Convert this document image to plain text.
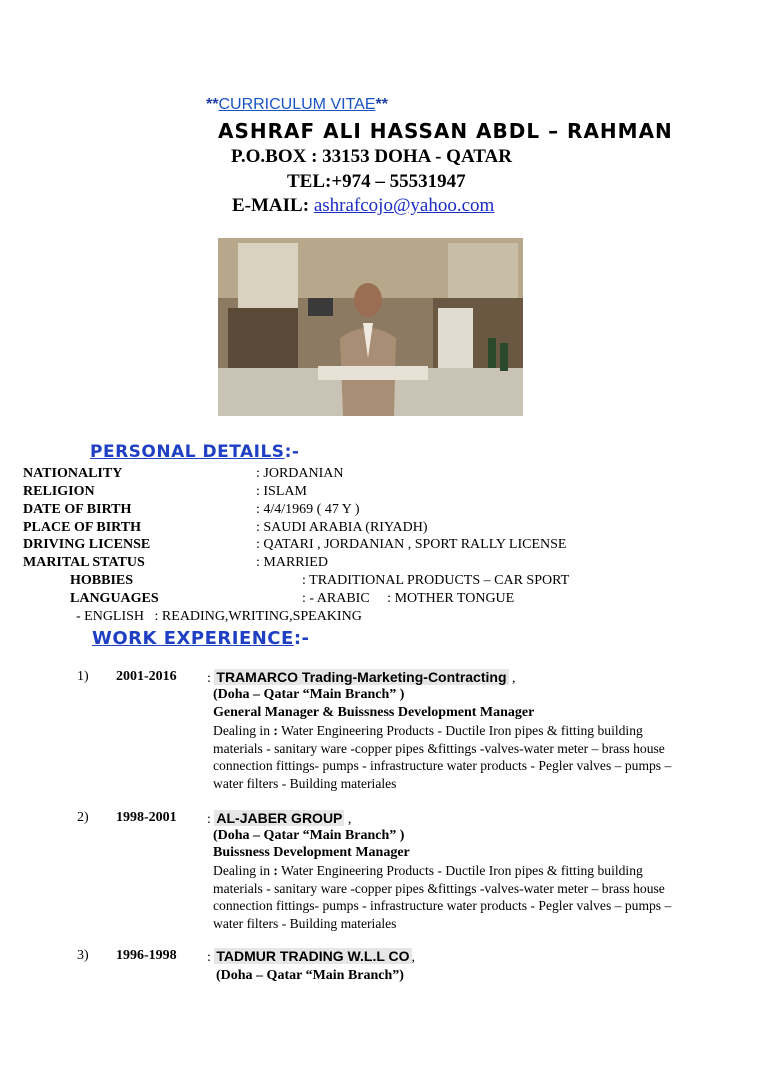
**CURRICULUM VITAE**
ASHRAF ALI HASSAN ABDL – RAHMAN
P.O.BOX : 33153 DOHA - QATAR
TEL:+974 – 55531947
E-MAIL: ashrafcojo@yahoo.com
PERSONAL DETAILS:-
NATIONALITY	: JORDANIAN
RELIGION	: ISLAM
DATE OF BIRTH	: 4/4/1969 ( 47 Y )
PLACE OF BIRTH	: SAUDI ARABIA (RIYADH)
DRIVING LICENSE	: QATARI , JORDANIAN , SPORT RALLY LICENSE
MARITAL STATUS	: MARRIED
HOBBIES	: TRADITIONAL PRODUCTS – CAR SPORT
LANGUAGES	: - ARABIC     : MOTHER TONGUE
- ENGLISH   : READING,WRITING,SPEAKING
WORK EXPERIENCE:-
1) 2001-2016 : TRAMARCO Trading-Marketing-Contracting ,
(Doha – Qatar “Main Branch” )
General Manager & Buissness Development Manager
Dealing in : Water Engineering Products - Ductile Iron pipes & fitting building materials - sanitary ware -copper pipes &fittings -valves-water meter – brass house connection fittings- pumps - infrastructure water products - Pegler valves – pumps – water filters - Building materiales
2) 1998-2001 : AL-JABER GROUP ,
(Doha – Qatar “Main Branch” )
Buissness Development Manager
Dealing in : Water Engineering Products - Ductile Iron pipes & fitting building materials - sanitary ware -copper pipes &fittings -valves-water meter – brass house connection fittings- pumps - infrastructure water products - Pegler valves – pumps – water filters - Building materiales
3) 1996-1998 : TADMUR TRADING W.L.L CO ,
(Doha – Qatar “Main Branch”)
